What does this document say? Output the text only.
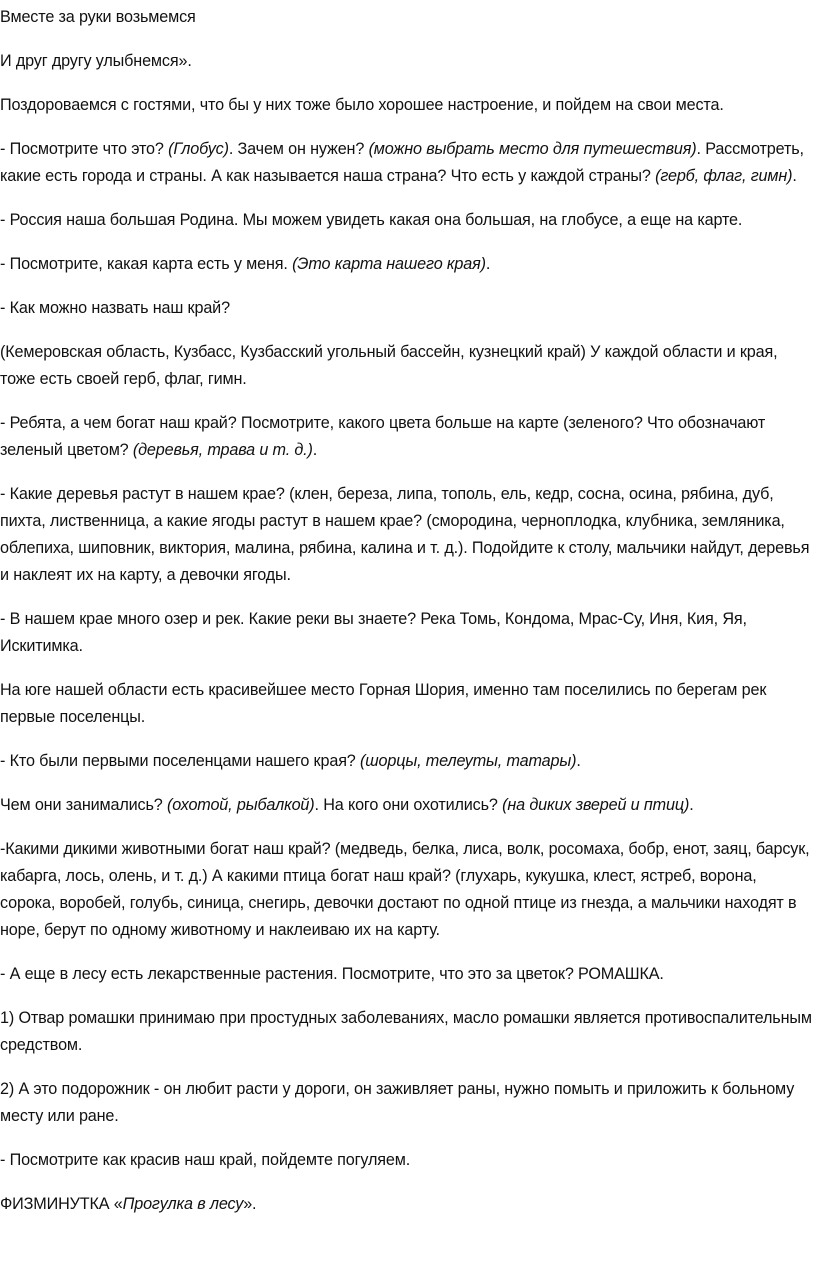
Вместе за руки возьмемся

И друг другу улыбнемся».

Поздороваемся с гостями, что бы у них тоже было хорошее настроение, и пойдем на свои места.

- Посмотрите что это? (Глобус). Зачем он нужен? (можно выбрать место для путешествия). Рассмотреть, какие есть города и страны. А как называется наша страна? Что есть у каждой страны? (герб, флаг, гимн).

- Россия наша большая Родина. Мы можем увидеть какая она большая, на глобусе, а еще на карте.

- Посмотрите, какая карта есть у меня. (Это карта нашего края).

- Как можно назвать наш край?

(Кемеровская область, Кузбасс, Кузбасский угольный бассейн, кузнецкий край) У каждой области и края, тоже есть своей герб, флаг, гимн.

- Ребята, а чем богат наш край? Посмотрите, какого цвета больше на карте (зеленого? Что обозначают зеленый цветом? (деревья, трава и т. д.).

- Какие деревья растут в нашем крае? (клен, береза, липа, тополь, ель, кедр, сосна, осина, рябина, дуб, пихта, лиственница, а какие ягоды растут в нашем крае? (смородина, черноплодка, клубника, земляника, облепиха, шиповник, виктория, малина, рябина, калина и т. д.). Подойдите к столу, мальчики найдут, деревья и наклеят их на карту, а девочки ягоды.

- В нашем крае много озер и рек. Какие реки вы знаете? Река Томь, Кондома, Мрас-Су, Иня, Кия, Яя, Искитимка.

На юге нашей области есть красивейшее место Горная Шория, именно там поселились по берегам рек первые поселенцы.

- Кто были первыми поселенцами нашего края? (шорцы, телеуты, татары).

Чем они занимались? (охотой, рыбалкой). На кого они охотились? (на диких зверей и птиц).

-Какими дикими животными богат наш край? (медведь, белка, лиса, волк, росомаха, бобр, енот, заяц, барсук, кабарга, лось, олень, и т. д.) А какими птица богат наш край? (глухарь, кукушка, клест, ястреб, ворона, сорока, воробей, голубь, синица, снегирь, девочки достают по одной птице из гнезда, а мальчики находят в норе, берут по одному животному и наклеиваю их на карту.

- А еще в лесу есть лекарственные растения. Посмотрите, что это за цветок? РОМАШКА.

1) Отвар ромашки принимаю при простудных заболеваниях, масло ромашки является противоспалительным средством.

2) А это подорожник - он любит расти у дороги, он заживляет раны, нужно помыть и приложить к больному месту или ране.

- Посмотрите как красив наш край, пойдемте погуляем.

ФИЗМИНУТКА «Прогулка в лесу».
